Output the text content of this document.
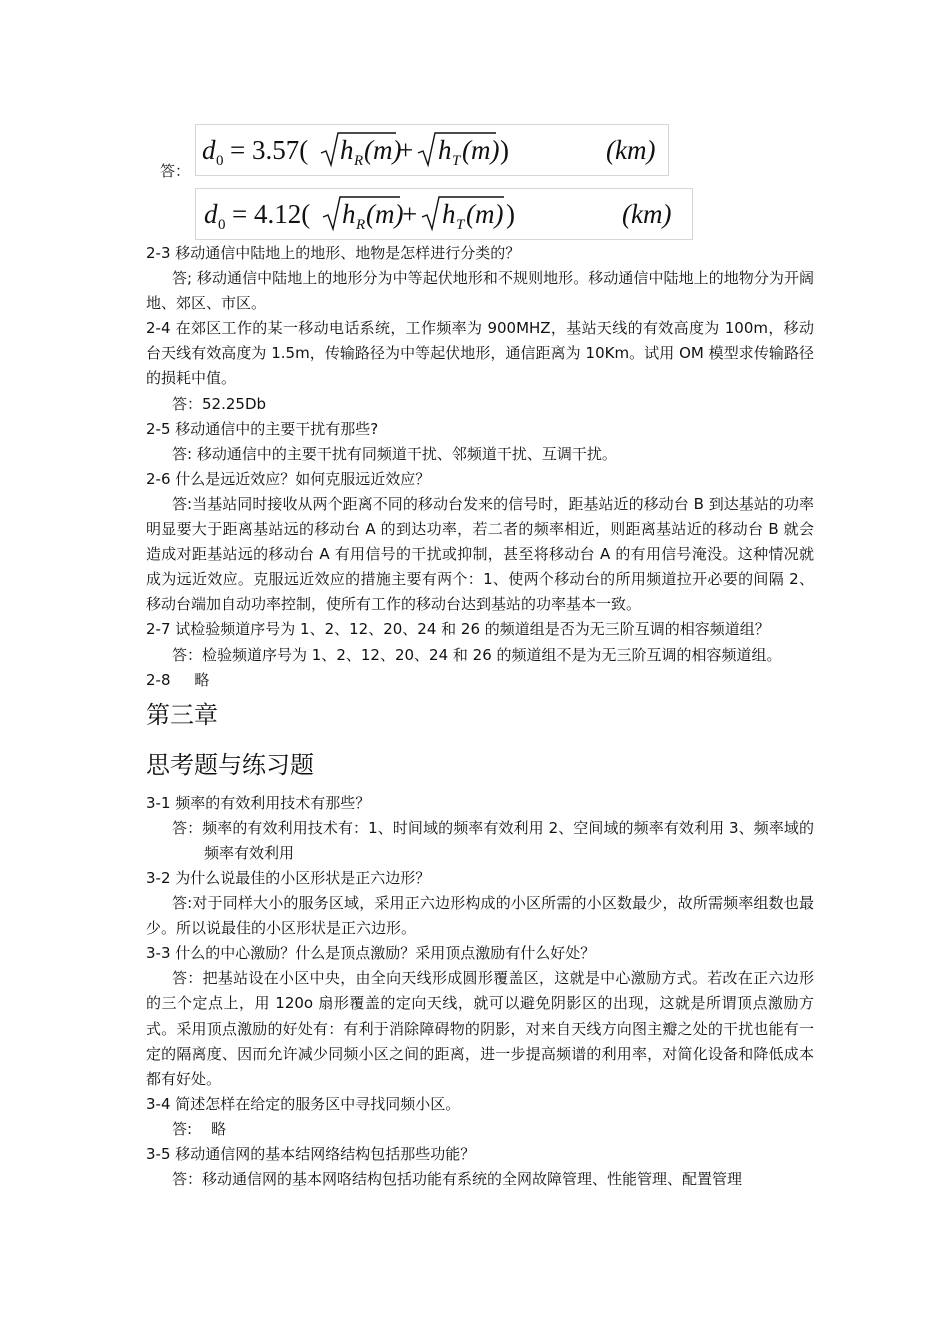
答：
d 0 = 3.57( h R (m)
+ h T (m) )	(km)
d 0 = 4.12( h R (m)
+ h T (m) )	(km)

2-3 移动通信中陆地上的地形、地物是怎样进行分类的？

答; 移动通信中陆地上的地形分为中等起伏地形和不规则地形。移动通信中陆地上的地物分为开阔地、郊区、市区。

2-4 在郊区工作的某一移动电话系统，工作频率为 900MHZ，基站天线的有效高度为 100m，移动台天线有效高度为 1.5m，传输路径为中等起伏地形，通信距离为 10Km。试用 OM 模型求传输路径的损耗中值。

答：52.25Db

2-5 移动通信中的主要干扰有那些?

答: 移动通信中的主要干扰有同频道干扰、邻频道干扰、互调干扰。

2-6 什么是远近效应？如何克服远近效应？

答:当基站同时接收从两个距离不同的移动台发来的信号时，距基站近的移动台 B 到达基站的功率明显要大于距离基站远的移动台 A 的到达功率，若二者的频率相近，则距离基站近的移动台 B 就会造成对距基站远的移动台 A 有用信号的干扰或抑制，甚至将移动台 A 的有用信号淹没。这种情况就成为远近效应。克服远近效应的措施主要有两个：1、使两个移动台的所用频道拉开必要的间隔 2、移动台端加自动功率控制，使所有工作的移动台达到基站的功率基本一致。

2-7 试检验频道序号为 1、2、12、20、24 和 26 的频道组是否为无三阶互调的相容频道组？

答：检验频道序号为 1、2、12、20、24 和 26 的频道组不是为无三阶互调的相容频道组。

2-8     略

第三章
思考题与练习题

3-1 频率的有效利用技术有那些？

答：频率的有效利用技术有：1、时间域的频率有效利用 2、空间域的频率有效利用 3、频率域的频率有效利用

3-2 为什么说最佳的小区形状是正六边形？

答:对于同样大小的服务区域，采用正六边形构成的小区所需的小区数最少，故所需频率组数也最少。所以说最佳的小区形状是正六边形。

3-3 什么的中心激励？什么是顶点激励？采用顶点激励有什么好处？

答：把基站设在小区中央，由全向天线形成圆形覆盖区，这就是中心激励方式。若改在正六边形的三个定点上，用 120o 扇形覆盖的定向天线，就可以避免阴影区的出现，这就是所谓顶点激励方式。采用顶点激励的好处有：有利于消除障碍物的阴影，对来自天线方向图主瓣之处的干扰也能有一定的隔离度、因而允许减少同频小区之间的距离，进一步提高频谱的利用率，对简化设备和降低成本都有好处。

3-4 简述怎样在给定的服务区中寻找同频小区。

答:    略

3-5 移动通信网的基本结网络结构包括那些功能？

答：移动通信网的基本网咯结构包括功能有系统的全网故障管理、性能管理、配置管理
